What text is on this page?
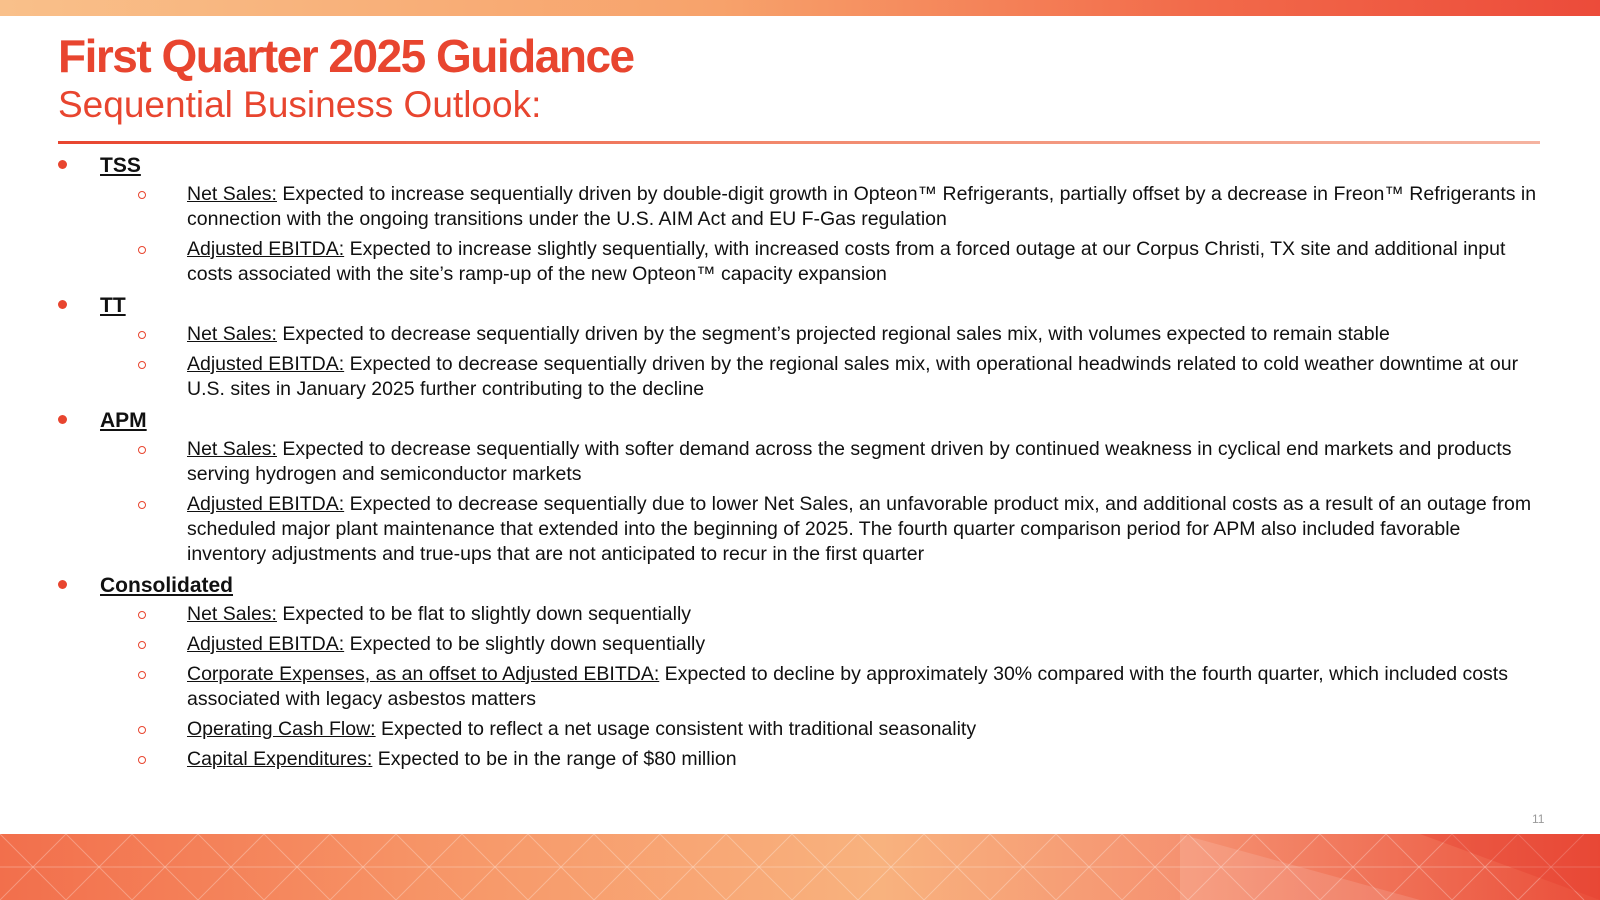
First Quarter 2025 Guidance
Sequential Business Outlook:
TSS
Net Sales: Expected to increase sequentially driven by double-digit growth in Opteon™ Refrigerants, partially offset by a decrease in Freon™ Refrigerants in connection with the ongoing transitions under the U.S. AIM Act and EU F-Gas regulation
Adjusted EBITDA: Expected to increase slightly sequentially, with increased costs from a forced outage at our Corpus Christi, TX site and additional input costs associated with the site’s ramp-up of the new Opteon™ capacity expansion
TT
Net Sales: Expected to decrease sequentially driven by the segment’s projected regional sales mix, with volumes expected to remain stable
Adjusted EBITDA: Expected to decrease sequentially driven by the regional sales mix, with operational headwinds related to cold weather downtime at our U.S. sites in January 2025 further contributing to the decline
APM
Net Sales: Expected to decrease sequentially with softer demand across the segment driven by continued weakness in cyclical end markets and products serving hydrogen and semiconductor markets
Adjusted EBITDA: Expected to decrease sequentially due to lower Net Sales, an unfavorable product mix, and additional costs as a result of an outage from scheduled major plant maintenance that extended into the beginning of 2025. The fourth quarter comparison period for APM also included favorable inventory adjustments and true-ups that are not anticipated to recur in the first quarter
Consolidated
Net Sales: Expected to be flat to slightly down sequentially
Adjusted EBITDA: Expected to be slightly down sequentially
Corporate Expenses, as an offset to Adjusted EBITDA: Expected to decline by approximately 30% compared with the fourth quarter, which included costs associated with legacy asbestos matters
Operating Cash Flow: Expected to reflect a net usage consistent with traditional seasonality
Capital Expenditures: Expected to be in the range of $80 million
11
